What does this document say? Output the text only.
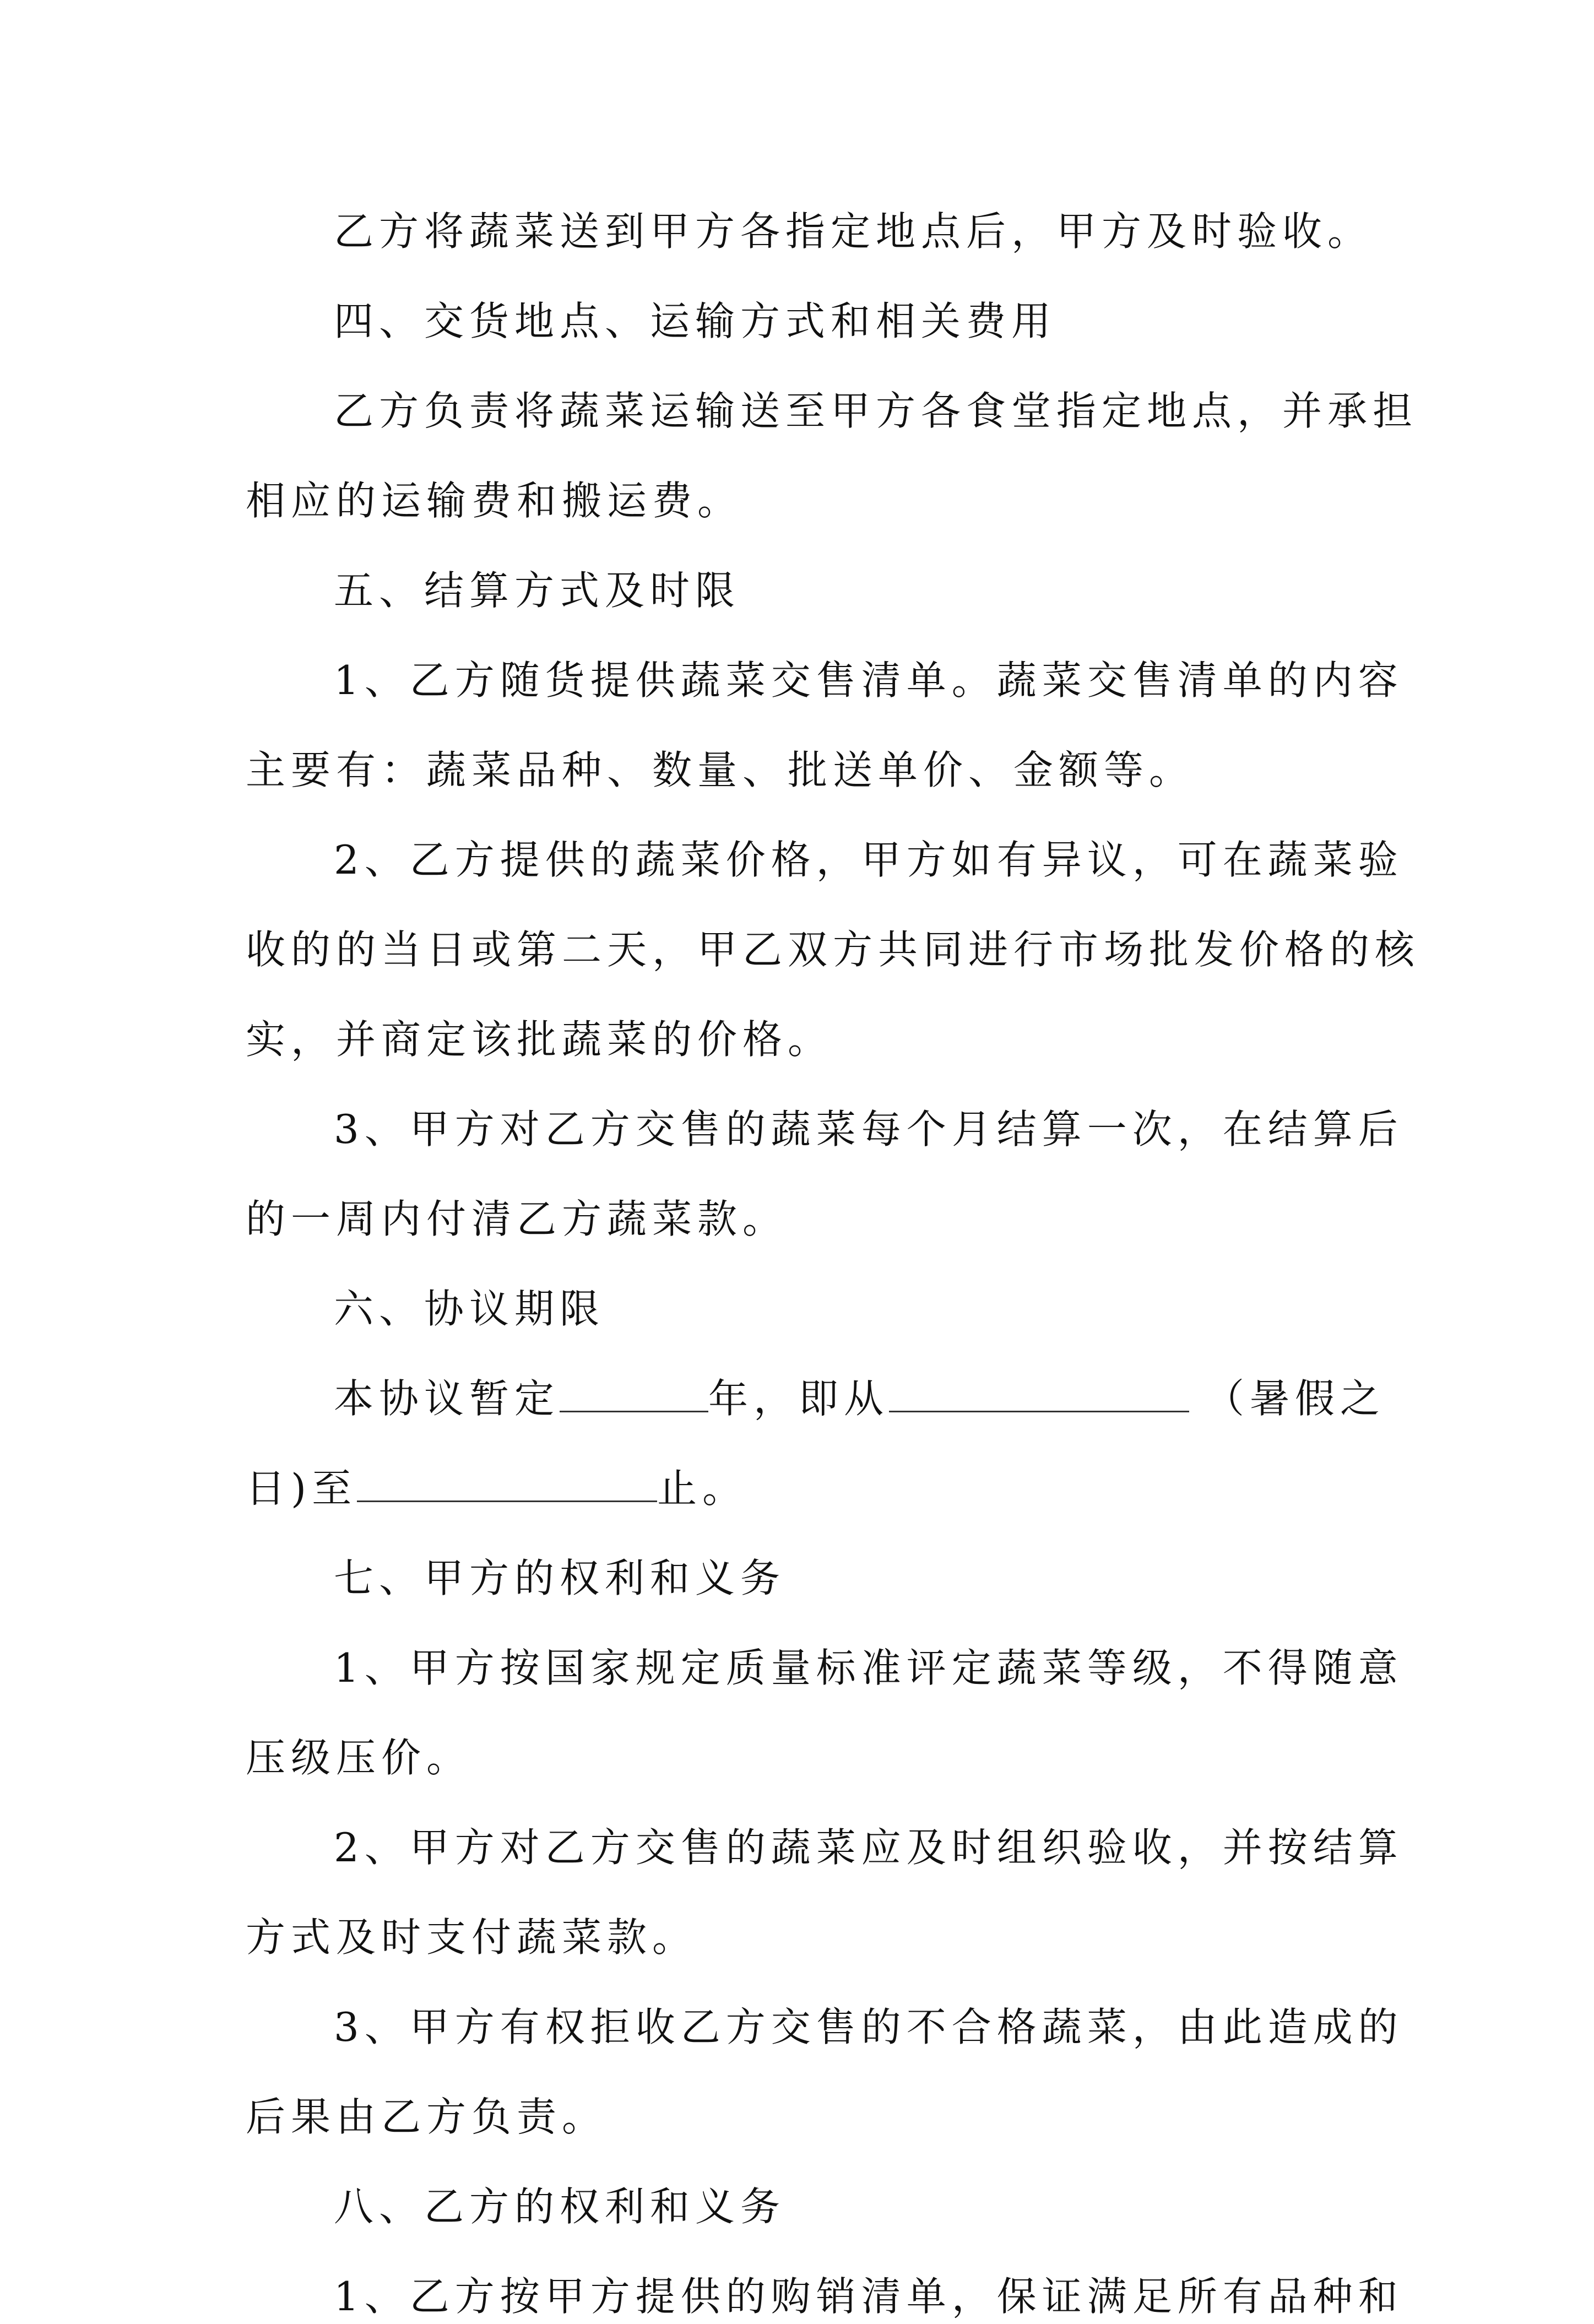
乙方将蔬菜送到甲方各指定地点后，甲方及时验收。
四、交货地点、运输方式和相关费用
乙方负责将蔬菜运输送至甲方各食堂指定地点，并承担
相应的运输费和搬运费。
五、结算方式及时限
1、乙方随货提供蔬菜交售清单。蔬菜交售清单的内容
主要有：蔬菜品种、数量、批送单价、金额等。
2、乙方提供的蔬菜价格，甲方如有异议，可在蔬菜验
收的的当日或第二天，甲乙双方共同进行市场批发价格的核
实，并商定该批蔬菜的价格。
3、甲方对乙方交售的蔬菜每个月结算一次，在结算后
的一周内付清乙方蔬菜款。
六、协议期限
本协议暂定	年，即从	（暑假之
日)至	止。
七、甲方的权利和义务
1、甲方按国家规定质量标准评定蔬菜等级，不得随意
压级压价。
2、甲方对乙方交售的蔬菜应及时组织验收，并按结算
方式及时支付蔬菜款。
3、甲方有权拒收乙方交售的不合格蔬菜，由此造成的
后果由乙方负责。
八、乙方的权利和义务
1、乙方按甲方提供的购销清单，保证满足所有品种和
